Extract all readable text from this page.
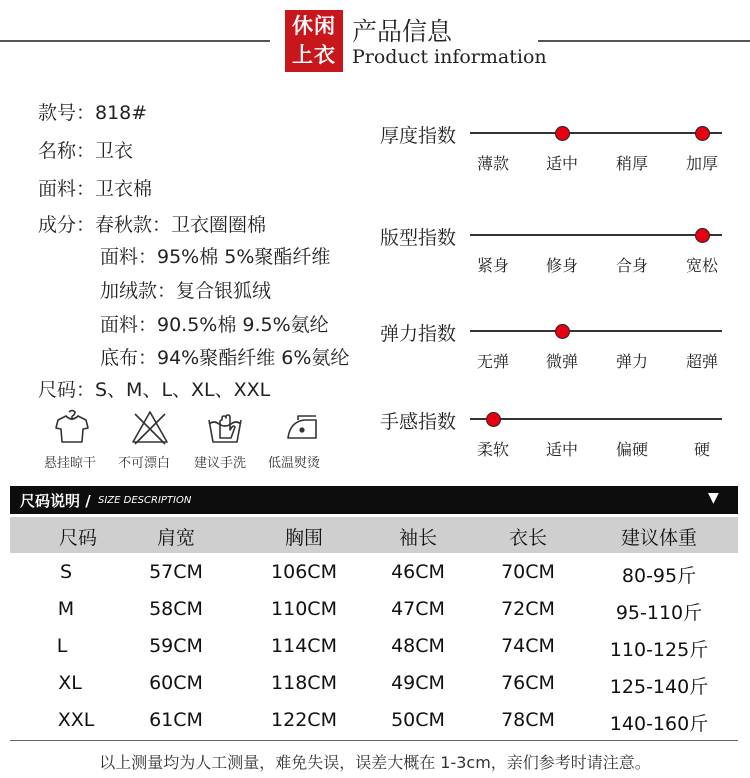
休闲
上衣
产品信息
Product information
款号：818#
名称：卫衣
面料：卫衣棉
成分：春秋款：卫衣圈圈棉
面料：95%棉 5%聚酯纤维
加绒款：复合银狐绒
面料：90.5%棉 9.5%氨纶
底布：94%聚酯纤维 6%氨纶
尺码：S、M、L、XL、XXL
悬挂晾干 不可漂白 建议手洗 低温熨烫
厚度指数
薄款 适中 稍厚 加厚
版型指数
紧身 修身 合身 宽松
弹力指数
无弹 微弹 弹力 超弹
手感指数
柔软 适中 偏硬	硬
尺码说明 / SIZE DESCRIPTION	▼
尺码	肩宽	胸围	袖长	衣长	建议体重
S	57CM	106CM	46CM	70CM	80-95斤
M	58CM	110CM	47CM	72CM	95-110斤
L	59CM	114CM	48CM	74CM	110-125斤
XL	60CM	118CM	49CM	76CM	125-140斤
XXL	61CM	122CM	50CM	78CM	140-160斤
以上测量均为人工测量，难免失误，误差大概在 1-3cm，亲们参考时请注意。
